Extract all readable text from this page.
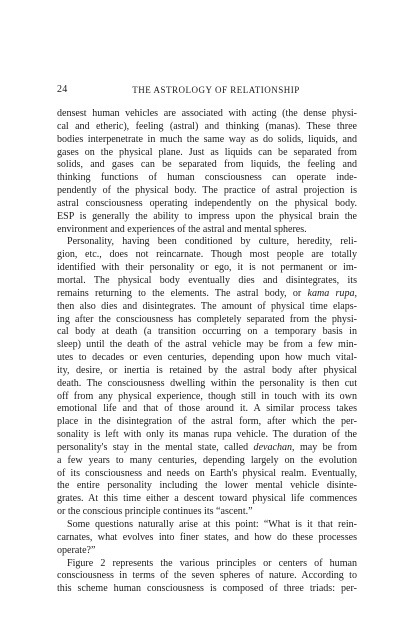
24	THE ASTROLOGY OF RELATIONSHIP
densest human vehicles are associated with acting (the dense physi-
cal and etheric), feeling (astral) and thinking (manas). These three
bodies interpenetrate in much the same way as do solids, liquids, and
gases on the physical plane. Just as liquids can be separated from
solids, and gases can be separated from liquids, the feeling and
thinking functions of human consciousness can operate inde-
pendently of the physical body. The practice of astral projection is
astral consciousness operating independently on the physical body.
ESP is generally the ability to impress upon the physical brain the
environment and experiences of the astral and mental spheres.
Personality, having been conditioned by culture, heredity, reli-
gion, etc., does not reincarnate. Though most people are totally
identified with their personality or ego, it is not permanent or im-
mortal. The physical body eventually dies and disintegrates, its
remains returning to the elements. The astral body, or kama rupa,
then also dies and disintegrates. The amount of physical time elaps-
ing after the consciousness has completely separated from the physi-
cal body at death (a transition occurring on a temporary basis in
sleep) until the death of the astral vehicle may be from a few min-
utes to decades or even centuries, depending upon how much vital-
ity, desire, or inertia is retained by the astral body after physical
death. The consciousness dwelling within the personality is then cut
off from any physical experience, though still in touch with its own
emotional life and that of those around it. A similar process takes
place in the disintegration of the astral form, after which the per-
sonality is left with only its manas rupa vehicle. The duration of the
personality's stay in the mental state, called devachan, may be from
a few years to many centuries, depending largely on the evolution
of its consciousness and needs on Earth's physical realm. Eventually,
the entire personality including the lower mental vehicle disinte-
grates. At this time either a descent toward physical life commences
or the conscious principle continues its “ascent.”
Some questions naturally arise at this point: “What is it that rein-
carnates, what evolves into finer states, and how do these processes
operate?”
Figure 2 represents the various principles or centers of human
consciousness in terms of the seven spheres of nature. According to
this scheme human consciousness is composed of three triads: per-
